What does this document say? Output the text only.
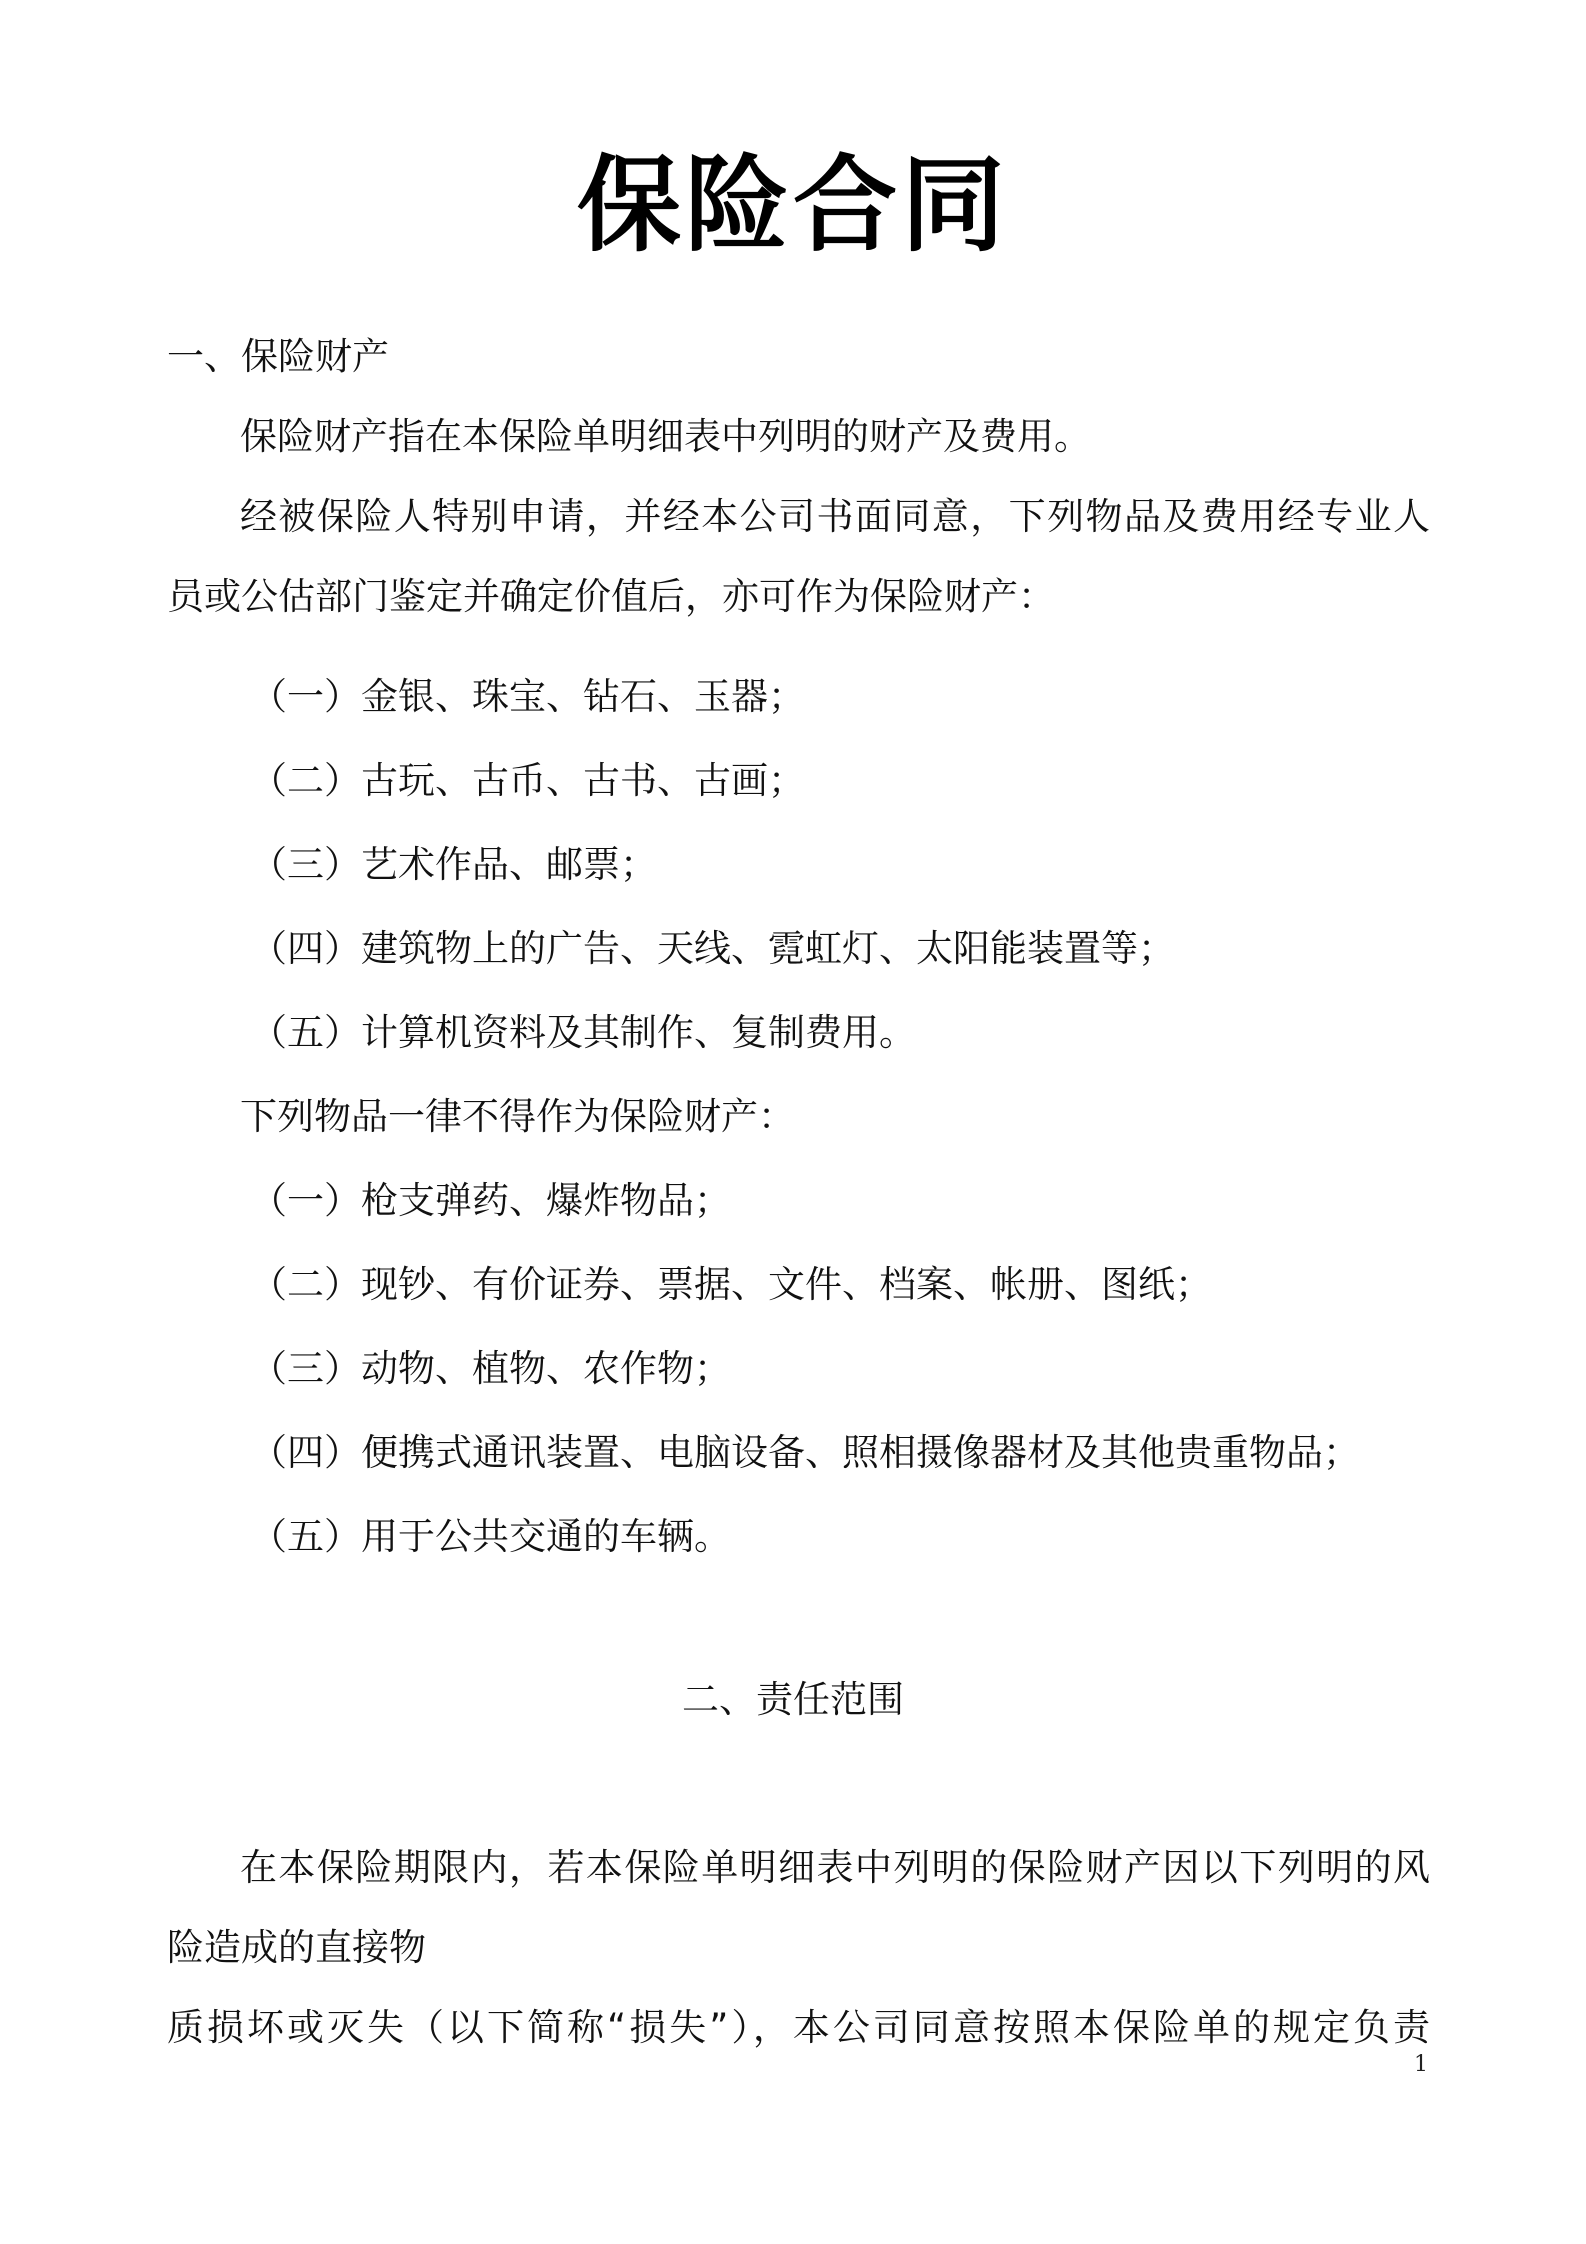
保险合同
一、保险财产
保险财产指在本保险单明细表中列明的财产及费用。
经被保险人特别申请，并经本公司书面同意，下列物品及费用经专业人
员或公估部门鉴定并确定价值后，亦可作为保险财产：
（一）金银、珠宝、钻石、玉器；
（二）古玩、古币、古书、古画；
（三）艺术作品、邮票；
（四）建筑物上的广告、天线、霓虹灯、太阳能装置等；
（五）计算机资料及其制作、复制费用。
下列物品一律不得作为保险财产：
（一）枪支弹药、爆炸物品；
（二）现钞、有价证券、票据、文件、档案、帐册、图纸；
（三）动物、植物、农作物；
（四）便携式通讯装置、电脑设备、照相摄像器材及其他贵重物品；
（五）用于公共交通的车辆。
二、责任范围
在本保险期限内，若本保险单明细表中列明的保险财产因以下列明的风
险造成的直接物
质损坏或灭失（以下简称“损失”），本公司同意按照本保险单的规定负责
1
